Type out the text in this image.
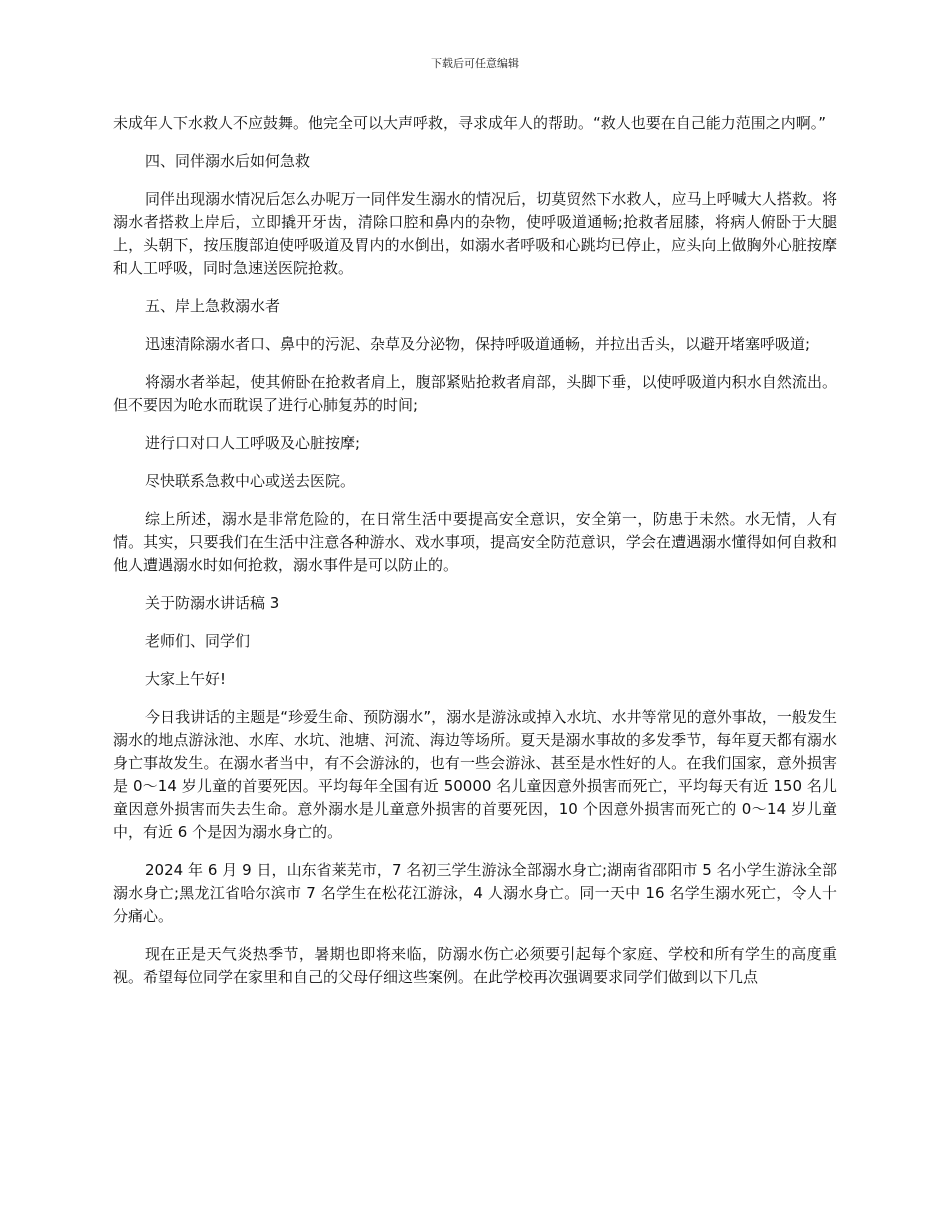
下载后可任意编辑

未成年人下水救人不应鼓舞。他完全可以大声呼救，寻求成年人的帮助。“救人也要在自己能力范围之内啊。”

四、同伴溺水后如何急救

同伴出现溺水情况后怎么办呢万一同伴发生溺水的情况后，切莫贸然下水救人，应马上呼喊大人搭救。将溺水者搭救上岸后，立即撬开牙齿，清除口腔和鼻内的杂物，使呼吸道通畅;抢救者屈膝，将病人俯卧于大腿上，头朝下，按压腹部迫使呼吸道及胃内的水倒出，如溺水者呼吸和心跳均已停止，应头向上做胸外心脏按摩和人工呼吸，同时急速送医院抢救。

五、岸上急救溺水者

迅速清除溺水者口、鼻中的污泥、杂草及分泌物，保持呼吸道通畅，并拉出舌头，以避开堵塞呼吸道;

将溺水者举起，使其俯卧在抢救者肩上，腹部紧贴抢救者肩部，头脚下垂，以使呼吸道内积水自然流出。但不要因为呛水而耽误了进行心肺复苏的时间;

进行口对口人工呼吸及心脏按摩;

尽快联系急救中心或送去医院。

综上所述，溺水是非常危险的，在日常生活中要提高安全意识，安全第一，防患于未然。水无情，人有情。其实，只要我们在生活中注意各种游水、戏水事项，提高安全防范意识，学会在遭遇溺水懂得如何自救和他人遭遇溺水时如何抢救，溺水事件是可以防止的。

关于防溺水讲话稿 3

老师们、同学们

大家上午好!

今日我讲话的主题是“珍爱生命、预防溺水”，溺水是游泳或掉入水坑、水井等常见的意外事故，一般发生溺水的地点游泳池、水库、水坑、池塘、河流、海边等场所。夏天是溺水事故的多发季节，每年夏天都有溺水身亡事故发生。在溺水者当中，有不会游泳的，也有一些会游泳、甚至是水性好的人。在我们国家，意外损害是 0～14 岁儿童的首要死因。平均每年全国有近 50000 名儿童因意外损害而死亡，平均每天有近 150 名儿童因意外损害而失去生命。意外溺水是儿童意外损害的首要死因，10 个因意外损害而死亡的 0～14 岁儿童中，有近 6 个是因为溺水身亡的。

2024 年 6 月 9 日，山东省莱芜市，7 名初三学生游泳全部溺水身亡;湖南省邵阳市 5 名小学生游泳全部溺水身亡;黑龙江省哈尔滨市 7 名学生在松花江游泳，4 人溺水身亡。同一天中 16 名学生溺水死亡，令人十分痛心。

现在正是天气炎热季节，暑期也即将来临，防溺水伤亡必须要引起每个家庭、学校和所有学生的高度重视。希望每位同学在家里和自己的父母仔细这些案例。在此学校再次强调要求同学们做到以下几点
